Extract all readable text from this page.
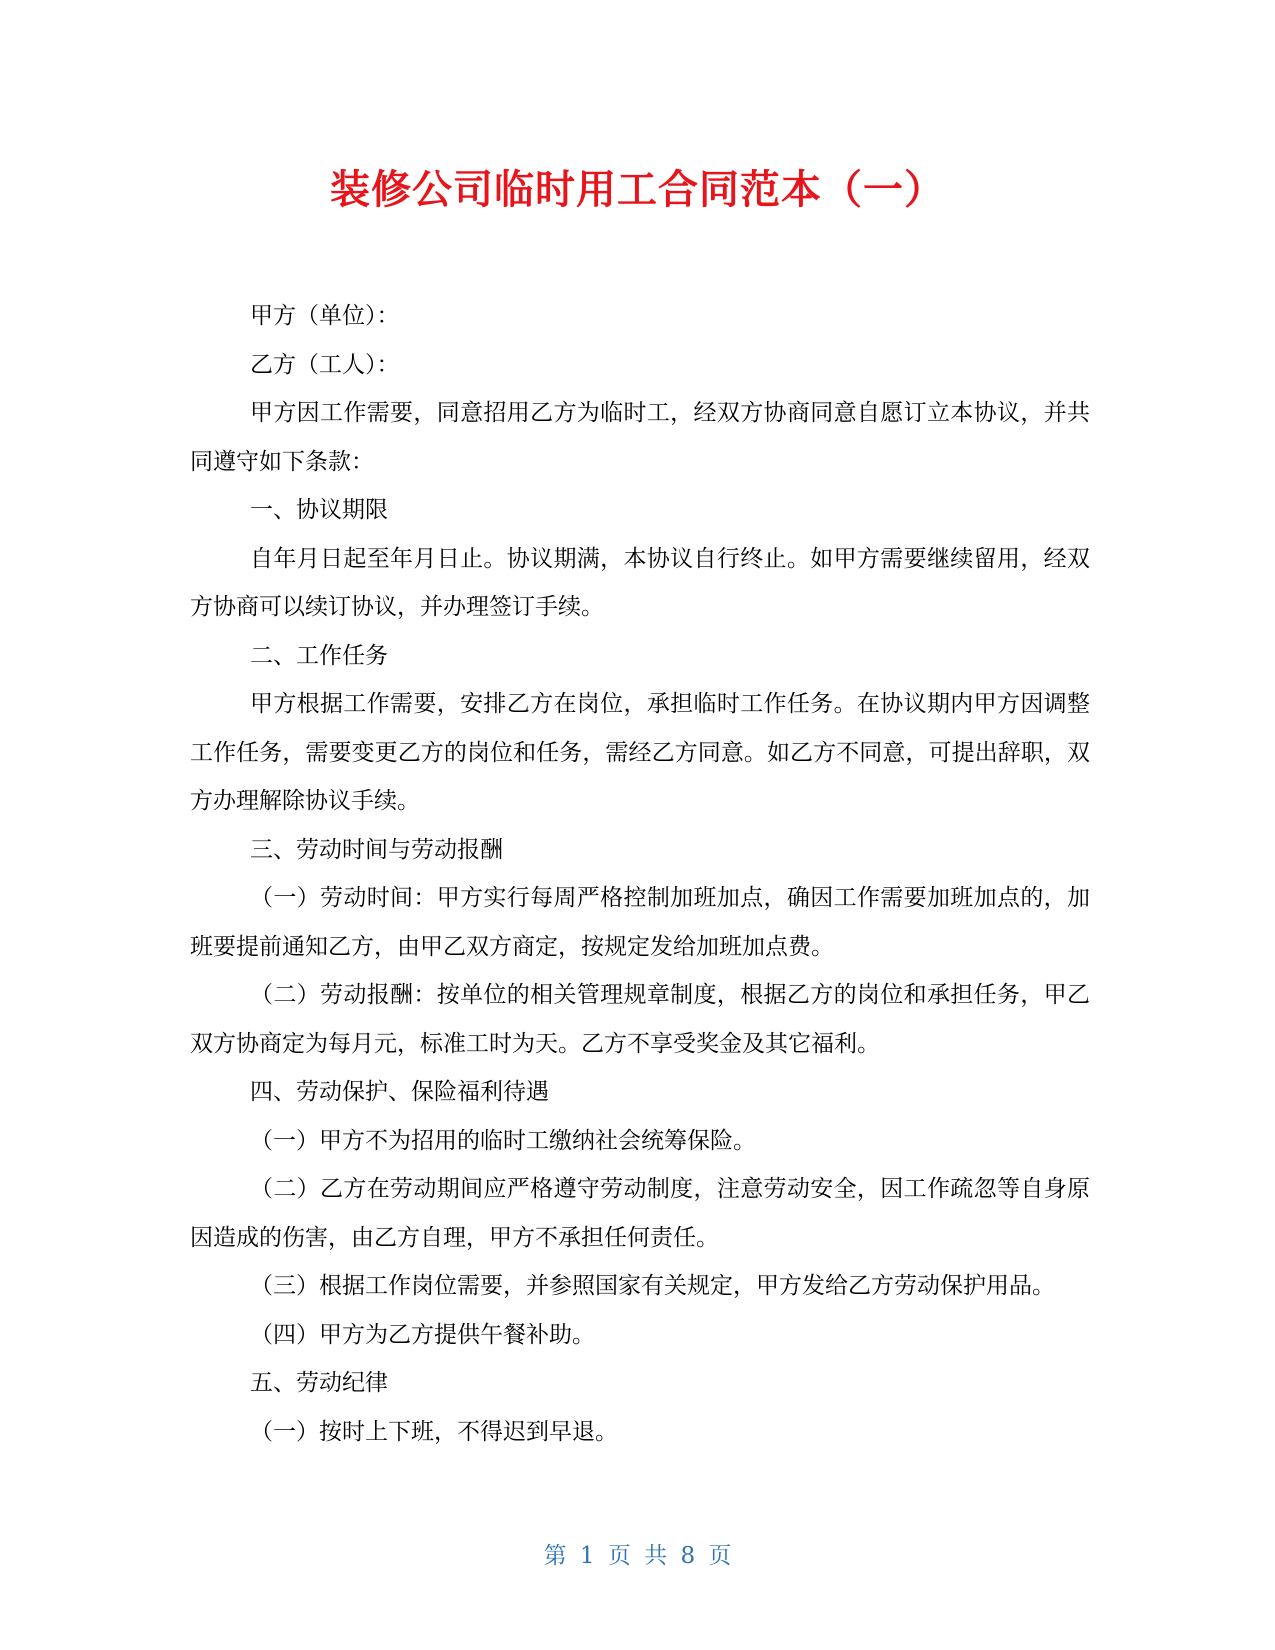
装修公司临时用工合同范本（一）

甲方（单位）：

乙方（工人）：

甲方因工作需要，同意招用乙方为临时工，经双方协商同意自愿订立本协议，并共同遵守如下条款：

一、协议期限

自年月日起至年月日止。协议期满，本协议自行终止。如甲方需要继续留用，经双方协商可以续订协议，并办理签订手续。

二、工作任务

甲方根据工作需要，安排乙方在岗位，承担临时工作任务。在协议期内甲方因调整工作任务，需要变更乙方的岗位和任务，需经乙方同意。如乙方不同意，可提出辞职，双方办理解除协议手续。

三、劳动时间与劳动报酬

（一）劳动时间：甲方实行每周严格控制加班加点，确因工作需要加班加点的，加班要提前通知乙方，由甲乙双方商定，按规定发给加班加点费。

（二）劳动报酬：按单位的相关管理规章制度，根据乙方的岗位和承担任务，甲乙双方协商定为每月元，标准工时为天。乙方不享受奖金及其它福利。

四、劳动保护、保险福利待遇

（一）甲方不为招用的临时工缴纳社会统筹保险。

（二）乙方在劳动期间应严格遵守劳动制度，注意劳动安全，因工作疏忽等自身原因造成的伤害，由乙方自理，甲方不承担任何责任。

（三）根据工作岗位需要，并参照国家有关规定，甲方发给乙方劳动保护用品。

（四）甲方为乙方提供午餐补助。

五、劳动纪律

（一）按时上下班，不得迟到早退。

第 1 页 共 8 页
